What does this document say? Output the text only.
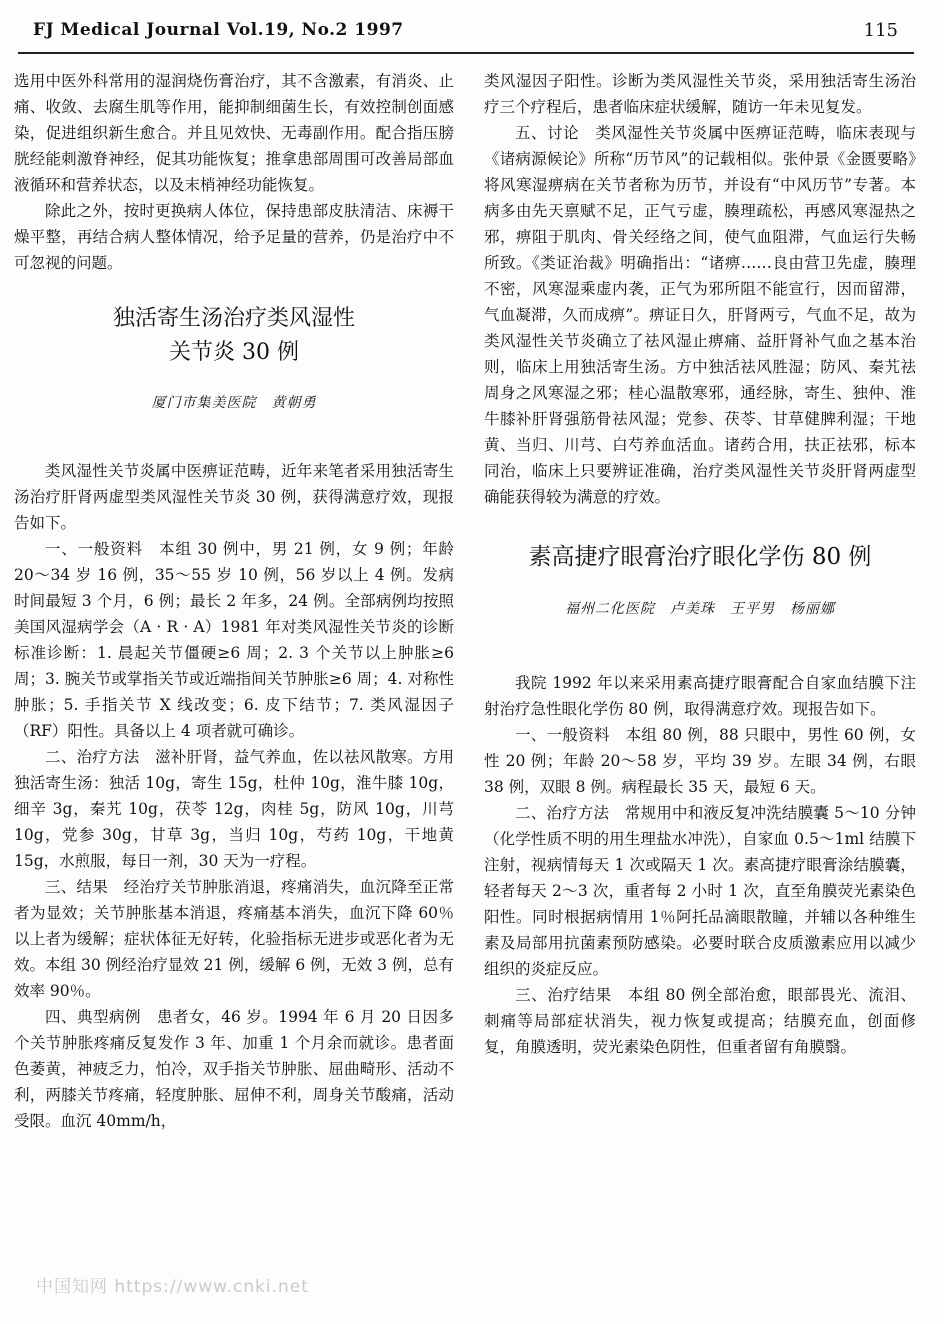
FJ Medical Journal Vol.19, No.2 1997	115

选用中医外科常用的湿润烧伤膏治疗，其不含激素，有消炎、止痛、收敛、去腐生肌等作用，能抑制细菌生长，有效控制创面感染，促进组织新生愈合。并且见效快、无毒副作用。配合指压膀胱经能刺激脊神经，促其功能恢复；推拿患部周围可改善局部血液循环和营养状态，以及末梢神经功能恢复。

除此之外，按时更换病人体位，保持患部皮肤清洁、床褥干燥平整，再结合病人整体情况，给予足量的营养，仍是治疗中不可忽视的问题。

独活寄生汤治疗类风湿性
关节炎 30 例
厦门市集美医院　黄朝勇

类风湿性关节炎属中医痹证范畴，近年来笔者采用独活寄生汤治疗肝肾两虚型类风湿性关节炎 30 例，获得满意疗效，现报告如下。

一、一般资料　本组 30 例中，男 21 例，女 9 例；年龄 20～34 岁 16 例，35～55 岁 10 例，56 岁以上 4 例。发病时间最短 3 个月，6 例；最长 2 年多，24 例。全部病例均按照美国风湿病学会（A · R · A）1981 年对类风湿性关节炎的诊断标准诊断：1. 晨起关节僵硬≥6 周；2. 3 个关节以上肿胀≥6 周；3. 腕关节或掌指关节或近端指间关节肿胀≥6 周；4. 对称性肿胀；5. 手指关节 X 线改变；6. 皮下结节；7. 类风湿因子（RF）阳性。具备以上 4 项者就可确诊。

二、治疗方法　滋补肝肾，益气养血，佐以祛风散寒。方用独活寄生汤：独活 10g，寄生 15g，杜仲 10g，淮牛膝 10g，细辛 3g，秦艽 10g，茯苓 12g，肉桂 5g，防风 10g，川芎 10g，党参 30g，甘草 3g，当归 10g，芍药 10g，干地黄 15g，水煎服，每日一剂，30 天为一疗程。

三、结果　经治疗关节肿胀消退，疼痛消失，血沉降至正常者为显效；关节肿胀基本消退，疼痛基本消失，血沉下降 60％以上者为缓解；症状体征无好转，化验指标无进步或恶化者为无效。本组 30 例经治疗显效 21 例，缓解 6 例，无效 3 例，总有效率 90％。

四、典型病例　患者女，46 岁。1994 年 6 月 20 日因多个关节肿胀疼痛反复发作 3 年、加重 1 个月余而就诊。患者面色萎黄，神疲乏力，怕冷，双手指关节肿胀、屈曲畸形、活动不利，两膝关节疼痛，轻度肿胀、屈伸不利，周身关节酸痛，活动受限。血沉 40mm/h，

类风湿因子阳性。诊断为类风湿性关节炎，采用独活寄生汤治疗三个疗程后，患者临床症状缓解，随访一年未见复发。

五、讨论　类风湿性关节炎属中医痹证范畴，临床表现与《诸病源候论》所称“历节风”的记载相似。张仲景《金匮要略》将风寒湿痹病在关节者称为历节，并设有“中风历节”专著。本病多由先天禀赋不足，正气亏虚，腠理疏松，再感风寒湿热之邪，痹阻于肌肉、骨关经络之间，使气血阻滞，气血运行失畅所致。《类证治裁》明确指出：“诸痹……良由营卫先虚，腠理不密，风寒湿乘虚内袭，正气为邪所阻不能宣行，因而留滞，气血凝滞，久而成痹”。痹证日久，肝肾两亏，气血不足，故为类风湿性关节炎确立了祛风湿止痹痛、益肝肾补气血之基本治则，临床上用独活寄生汤。方中独活祛风胜湿；防风、秦艽祛周身之风寒湿之邪；桂心温散寒邪，通经脉，寄生、独仲、淮牛膝补肝肾强筋骨祛风湿；党参、茯苓、甘草健脾利湿；干地黄、当归、川芎、白芍养血活血。诸药合用，扶正祛邪，标本同治，临床上只要辨证准确，治疗类风湿性关节炎肝肾两虚型确能获得较为满意的疗效。

素高捷疗眼膏治疗眼化学伤 80 例
福州二化医院　卢美珠　王平男　杨丽娜

我院 1992 年以来采用素高捷疗眼膏配合自家血结膜下注射治疗急性眼化学伤 80 例，取得满意疗效。现报告如下。

一、一般资料　本组 80 例，88 只眼中，男性 60 例，女性 20 例；年龄 20～58 岁，平均 39 岁。左眼 34 例，右眼 38 例，双眼 8 例。病程最长 35 天，最短 6 天。

二、治疗方法　常规用中和液反复冲洗结膜囊 5～10 分钟（化学性质不明的用生理盐水冲洗），自家血 0.5～1ml 结膜下注射，视病情每天 1 次或隔天 1 次。素高捷疗眼膏涂结膜囊，轻者每天 2～3 次，重者每 2 小时 1 次，直至角膜荧光素染色阳性。同时根据病情用 1％阿托品滴眼散瞳，并辅以各种维生素及局部用抗菌素预防感染。必要时联合皮质激素应用以减少组织的炎症反应。

三、治疗结果　本组 80 例全部治愈，眼部畏光、流泪、刺痛等局部症状消失，视力恢复或提高；结膜充血，创面修复，角膜透明，荧光素染色阴性，但重者留有角膜翳。

中国知网 https://www.cnki.net
